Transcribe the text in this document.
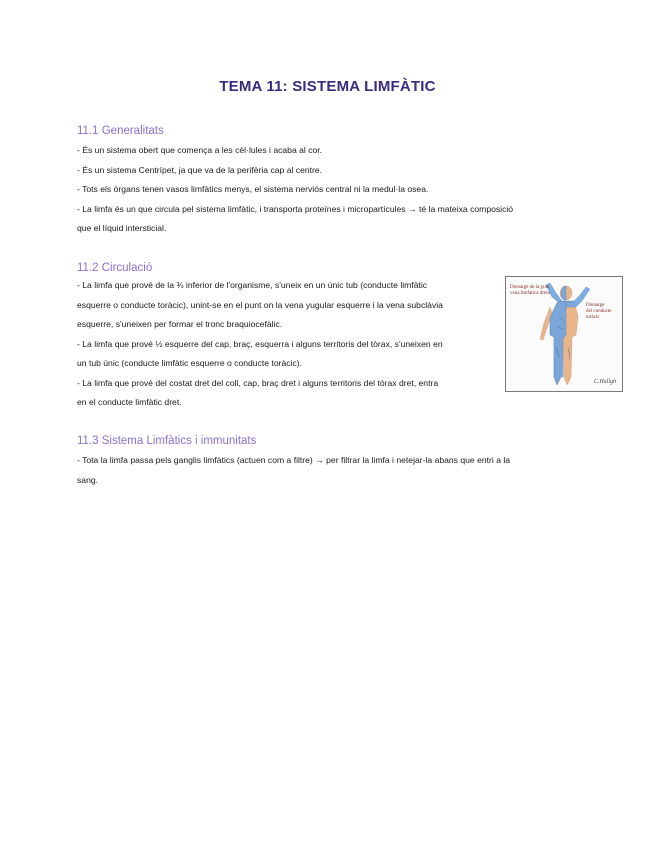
TEMA 11: SISTEMA LIMFÀTIC
11.1 Generalitats
- És un sistema obert que comença a les cèl·lules i acaba al cor.
- És un sistema Centrípet, ja que va de la perifèria cap al centre.
- Tots els òrgans tenen vasos limfàtics menys, el sistema nerviós central ni la medul·la osea.
- La limfa és un que circula pel sistema limfàtic, i transporta proteïnes i micropartícules → té la mateixa composició
que el líquid intersticial.
11.2 Circulació
- La limfa que prové de la ¾ inferior de l'organisme, s'uneix en un únic tub (conducte limfàtic
esquerre o conducte toràcic), unint-se en el punt on la vena yugular esquerre i la vena subclàvia
esquerre, s'uneixen per formar el tronc braquiocefàlic.
- La limfa que prové ½ esquerre del cap, braç, esquerra i alguns territoris del tòrax, s'uneixen en
un tub únic (conducte limfàtic esquerre o conducte toràcic).
- La limfa que prové del costat dret del coll, cap, braç dret i alguns territoris del tòrax dret, entra
en el conducte limfàtic dret.
Drenatge de la gran
vena limfàtica dreta
Drenatge
del conducte
toràcic
C.Hallgh
11.3 Sistema Limfàtics i immunitats
- Tota la limfa passa pels ganglis limfàtics (actuen com a filtre) → per filtrar la limfa i netejar-la abans que entri a la
sang.
